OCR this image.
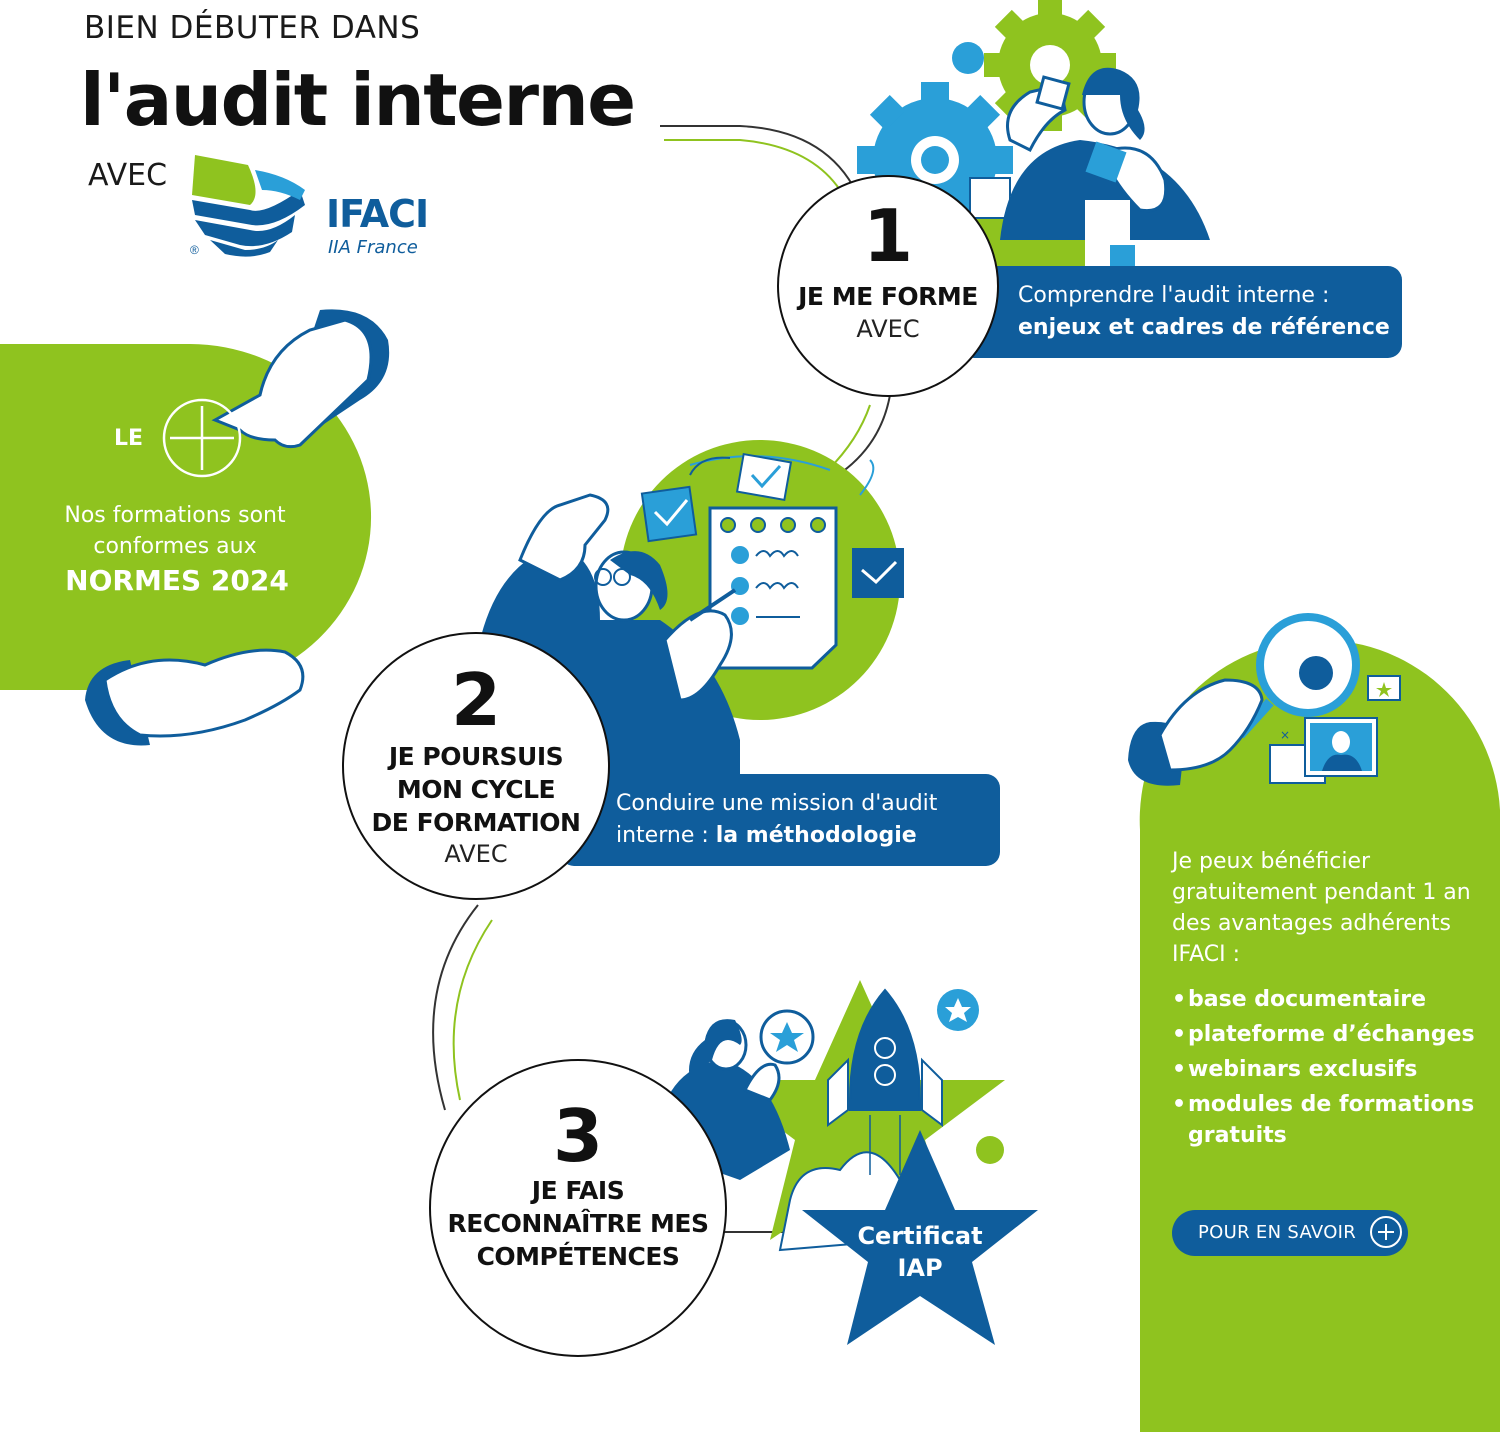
×
BIEN DÉBUTER DANS
l'audit interne
AVEC
IFACI
IIA France
®
LE
Nos formations sont conformes aux
NORMES 2024
1
JE ME FORME
AVEC
Comprendre l'audit interne :
enjeux et cadres de référence
2
JE POURSUIS
MON CYCLE
DE FORMATION
AVEC
Conduire une mission d'audit
interne : la méthodologie
3
JE FAIS
RECONNAÎTRE MES
COMPÉTENCES
Certificat
IAP
Je peux bénéficier gratuitement pendant 1 an des avantages adhérents IFACI :
• base documentaire
• plateforme d’échanges
• webinars exclusifs
• modules de formations gratuits
POUR EN SAVOIR
